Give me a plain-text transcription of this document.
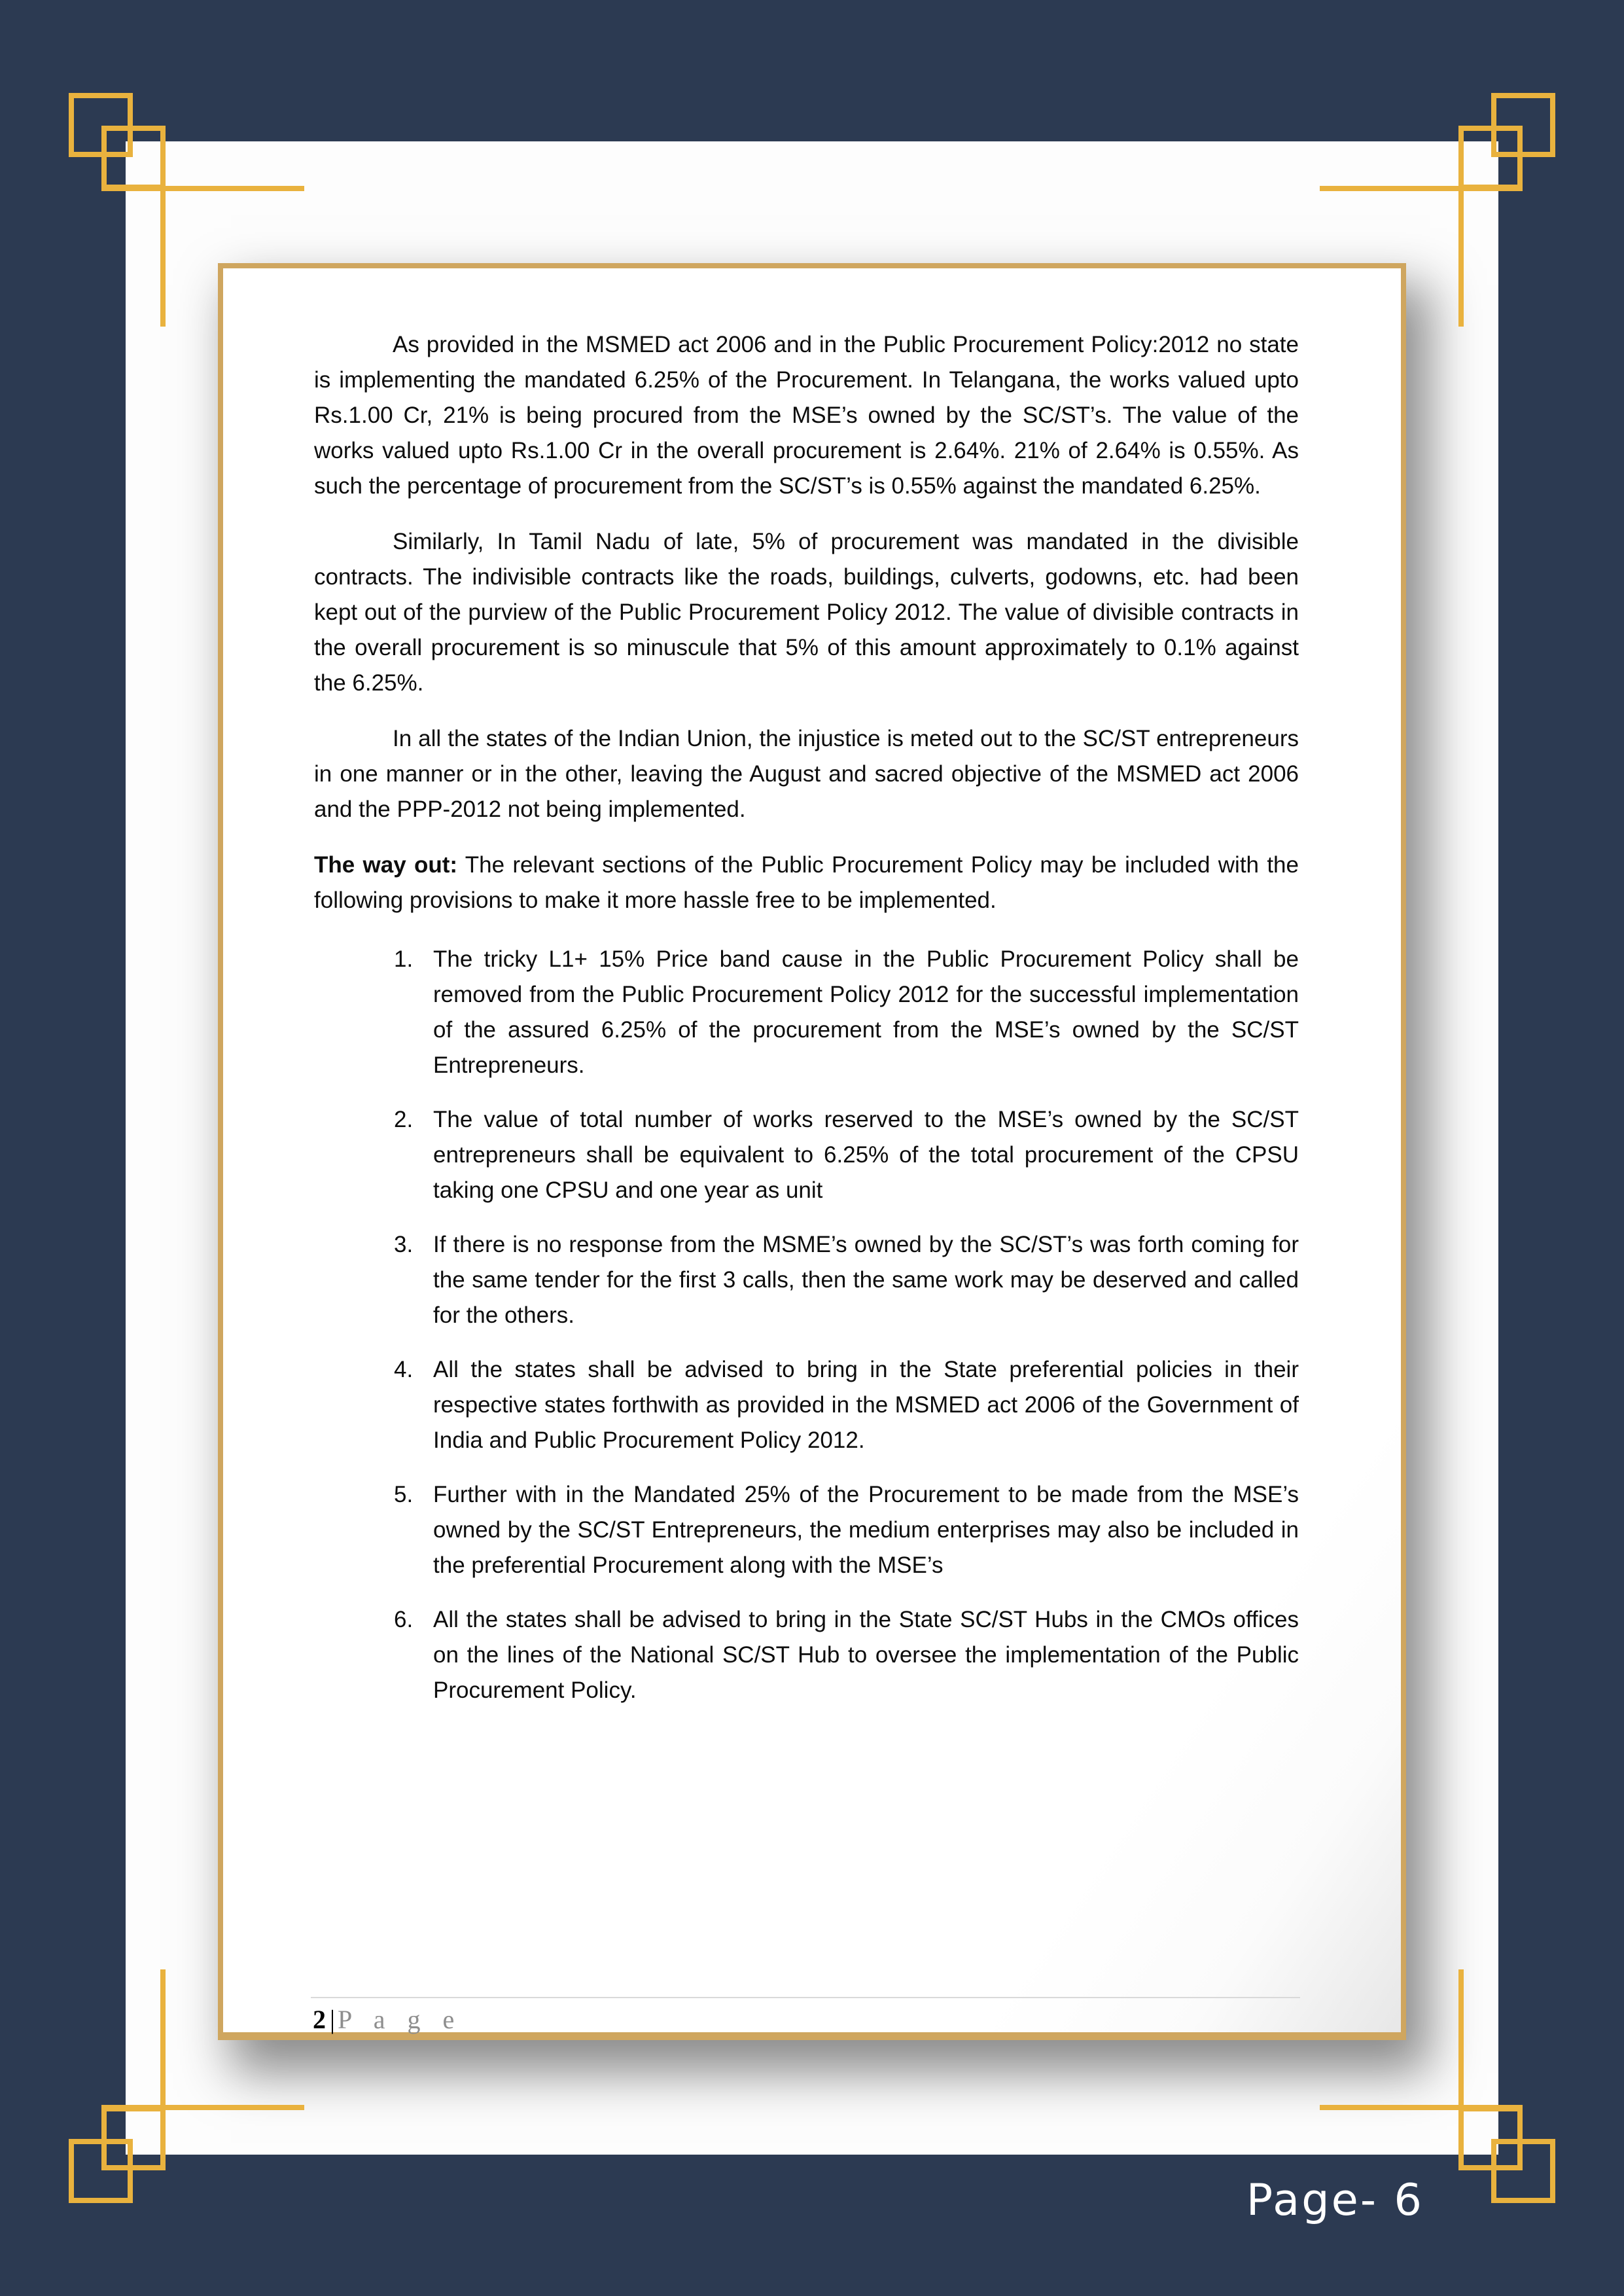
As provided in the MSMED act 2006 and in the Public Procurement Policy:2012 no state is implementing the mandated 6.25% of the Procurement. In Telangana, the works valued upto Rs.1.00 Cr, 21% is being procured from the MSE’s owned by the SC/ST’s. The value of the works valued upto Rs.1.00 Cr in the overall procurement is 2.64%. 21% of 2.64% is 0.55%. As such the percentage of procurement from the SC/ST’s is 0.55% against the mandated 6.25%.

Similarly, In Tamil Nadu of late, 5% of procurement was mandated in the divisible contracts. The indivisible contracts like the roads, buildings, culverts, godowns, etc. had been kept out of the purview of the Public Procurement Policy 2012. The value of divisible contracts in the overall procurement is so minuscule that 5% of this amount approximately to 0.1% against the 6.25%.

In all the states of the Indian Union, the injustice is meted out to the SC/ST entrepreneurs in one manner or in the other, leaving the August and sacred objective of the MSMED act 2006 and the PPP-2012 not being implemented.

The way out: The relevant sections of the Public Procurement Policy may be included with the following provisions to make it more hassle free to be implemented.

1. The tricky L1+ 15% Price band cause in the Public Procurement Policy shall be removed from the Public Procurement Policy 2012 for the successful implementation of the assured 6.25% of the procurement from the MSE’s owned by the SC/ST Entrepreneurs.
2. The value of total number of works reserved to the MSE’s owned by the SC/ST entrepreneurs shall be equivalent to 6.25% of the total procurement of the CPSU taking one CPSU and one year as unit
3. If there is no response from the MSME’s owned by the SC/ST’s was forth coming for the same tender for the first 3 calls, then the same work may be deserved and called for the others.
4. All the states shall be advised to bring in the State preferential policies in their respective states forthwith as provided in the MSMED act 2006 of the Government of India and Public Procurement Policy 2012.
5. Further with in the Mandated 25% of the Procurement to be made from the MSE’s owned by the SC/ST Entrepreneurs, the medium enterprises may also be included in the preferential Procurement along with the MSE’s
6. All the states shall be advised to bring in the State SC/ST Hubs in the CMOs offices on the lines of the National SC/ST Hub to oversee the implementation of the Public Procurement Policy.
2| P a g e
Page- 6
